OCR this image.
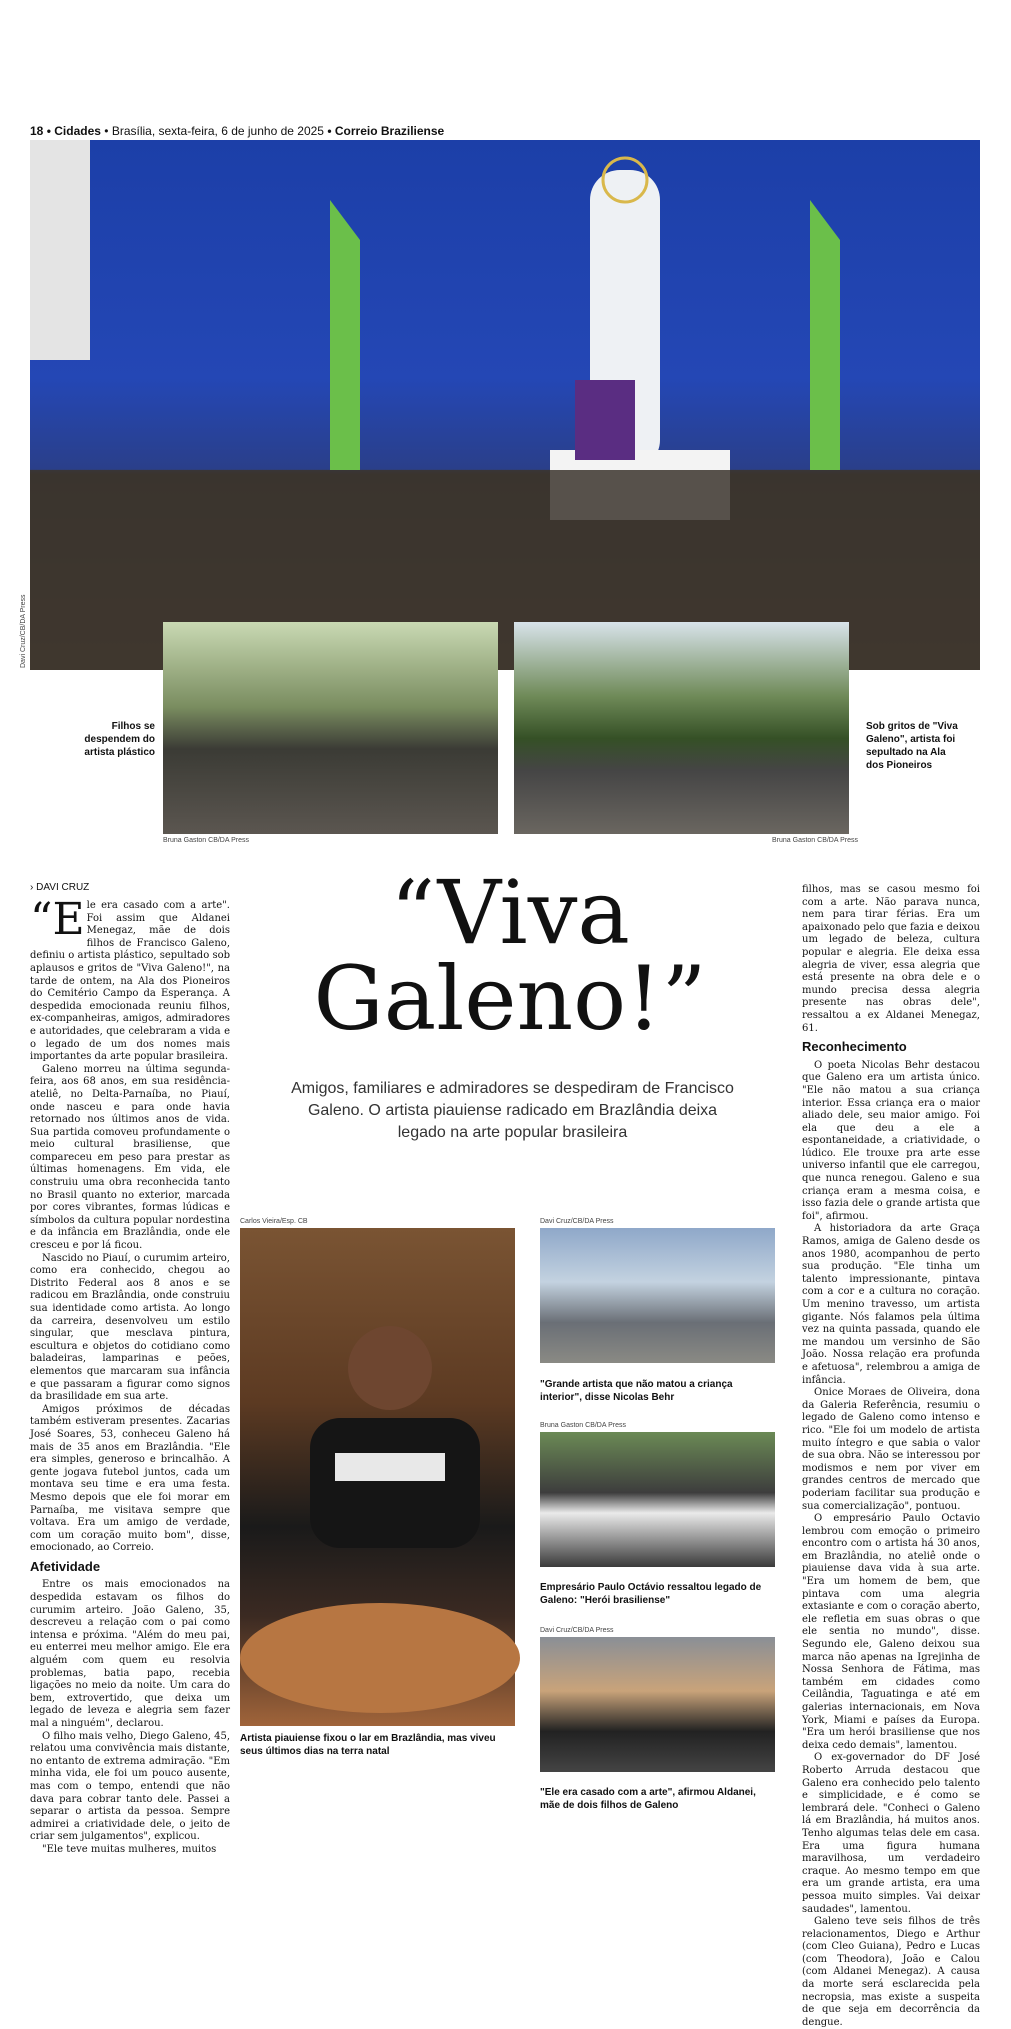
18 • Cidades • Brasília, sexta-feira, 6 de junho de 2025 • Correio Braziliense
Davi Cruz/CB/DA Press
Bruna Gaston CB/DA Press
Filhos se despendem do artista plástico
Bruna Gaston CB/DA Press
Sob gritos de "Viva Galeno", artista foi sepultado na Ala dos Pioneiros
› DAVI CRUZ	“Viva
Galeno!”
Amigos, familiares e admiradores se despediram de Francisco Galeno. O artista piauiense radicado em Brazlândia deixa legado na arte popular brasileira
“ E le era casado com a arte". Foi assim que Aldanei Menegaz, mãe de dois filhos de Francisco Galeno, definiu o artista plástico, sepultado sob aplausos e gritos de "Viva Galeno!", na tarde de ontem, na Ala dos Pioneiros do Cemitério Campo da Esperança. A despedida emocionada reuniu filhos, ex-companheiras, amigos, admiradores e autoridades, que celebraram a vida e o legado de um dos nomes mais importantes da arte popular brasileira.

Galeno morreu na última segunda-feira, aos 68 anos, em sua residência-ateliê, no Delta-Parnaíba, no Piauí, onde nasceu e para onde havia retornado nos últimos anos de vida. Sua partida comoveu profundamente o meio cultural brasiliense, que compareceu em peso para prestar as últimas homenagens. Em vida, ele construiu uma obra reconhecida tanto no Brasil quanto no exterior, marcada por cores vibrantes, formas lúdicas e símbolos da cultura popular nordestina e da infância em Brazlândia, onde ele cresceu e por lá ficou.

Nascido no Piauí, o curumim arteiro, como era conhecido, chegou ao Distrito Federal aos 8 anos e se radicou em Brazlândia, onde construiu sua identidade como artista. Ao longo da carreira, desenvolveu um estilo singular, que mesclava pintura, escultura e objetos do cotidiano como baladeiras, lamparinas e peões, elementos que marcaram sua infância e que passaram a figurar como signos da brasilidade em sua arte.

Amigos próximos de décadas também estiveram presentes. Zacarias José Soares, 53, conheceu Galeno há mais de 35 anos em Brazlândia. "Ele era simples, generoso e brincalhão. A gente jogava futebol juntos, cada um montava seu time e era uma festa. Mesmo depois que ele foi morar em Parnaíba, me visitava sempre que voltava. Era um amigo de verdade, com um coração muito bom", disse, emocionado, ao Correio.

Afetividade

Entre os mais emocionados na despedida estavam os filhos do curumim arteiro. João Galeno, 35, descreveu a relação com o pai como intensa e próxima. "Além do meu pai, eu enterrei meu melhor amigo. Ele era alguém com quem eu resolvia problemas, batia papo, recebia ligações no meio da noite. Um cara do bem, extrovertido, que deixa um legado de leveza e alegria sem fazer mal a ninguém", declarou.

O filho mais velho, Diego Galeno, 45, relatou uma convivência mais distante, no entanto de extrema admiração. "Em minha vida, ele foi um pouco ausente, mas com o tempo, entendi que não dava para cobrar tanto dele. Passei a separar o artista da pessoa. Sempre admirei a criatividade dele, o jeito de criar sem julgamentos", explicou.

"Ele teve muitas mulheres, muitos

Carlos Vieira/Esp. CB
Artista piauiense fixou o lar em Brazlândia, mas viveu seus últimos dias na terra natal
Davi Cruz/CB/DA Press
"Grande artista que não matou a criança interior", disse Nicolas Behr
Bruna Gaston CB/DA Press
Empresário Paulo Octávio ressaltou legado de Galeno: "Herói brasiliense"
Davi Cruz/CB/DA Press
"Ele era casado com a arte", afirmou Aldanei, mãe de dois filhos de Galeno
filhos, mas se casou mesmo foi com a arte. Não parava nunca, nem para tirar férias. Era um apaixonado pelo que fazia e deixou um legado de beleza, cultura popular e alegria. Ele deixa essa alegria de viver, essa alegria que está presente na obra dele e o mundo precisa dessa alegria presente nas obras dele", ressaltou a ex Aldanei Menegaz, 61.
Reconhecimento

O poeta Nicolas Behr destacou que Galeno era um artista único. "Ele não matou a sua criança interior. Essa criança era o maior aliado dele, seu maior amigo. Foi ela que deu a ele a espontaneidade, a criatividade, o lúdico. Ele trouxe pra arte esse universo infantil que ele carregou, que nunca renegou. Galeno e sua criança eram a mesma coisa, e isso fazia dele o grande artista que foi", afirmou.

A historiadora da arte Graça Ramos, amiga de Galeno desde os anos 1980, acompanhou de perto sua produção. "Ele tinha um talento impressionante, pintava com a cor e a cultura no coração. Um menino travesso, um artista gigante. Nós falamos pela última vez na quinta passada, quando ele me mandou um versinho de São João. Nossa relação era profunda e afetuosa", relembrou a amiga de infância.

Onice Moraes de Oliveira, dona da Galeria Referência, resumiu o legado de Galeno como intenso e rico. "Ele foi um modelo de artista muito íntegro e que sabia o valor de sua obra. Não se interessou por modismos e nem por viver em grandes centros de mercado que poderiam facilitar sua produção e sua comercialização", pontuou.

O empresário Paulo Octavio lembrou com emoção o primeiro encontro com o artista há 30 anos, em Brazlândia, no ateliê onde o piauiense dava vida à sua arte. "Era um homem de bem, que pintava com uma alegria extasiante e com o coração aberto, ele refletia em suas obras o que ele sentia no mundo", disse. Segundo ele, Galeno deixou sua marca não apenas na Igrejinha de Nossa Senhora de Fátima, mas também em cidades como Ceilândia, Taguatinga e até em galerias internacionais, em Nova York, Miami e países da Europa. "Era um herói brasiliense que nos deixa cedo demais", lamentou.

O ex-governador do DF José Roberto Arruda destacou que Galeno era conhecido pelo talento e simplicidade, e é como se lembrará dele. "Conheci o Galeno lá em Brazlândia, há muitos anos. Tenho algumas telas dele em casa. Era uma figura humana maravilhosa, um verdadeiro craque. Ao mesmo tempo em que era um grande artista, era uma pessoa muito simples. Vai deixar saudades", lamentou.

Galeno teve seis filhos de três relacionamentos, Diego e Arthur (com Cleo Guiana), Pedro e Lucas (com Theodora), João e Calou (com Aldanei Menegaz). A causa da morte será esclarecida pela necropsia, mas existe a suspeita de que seja em decorrência da dengue.
